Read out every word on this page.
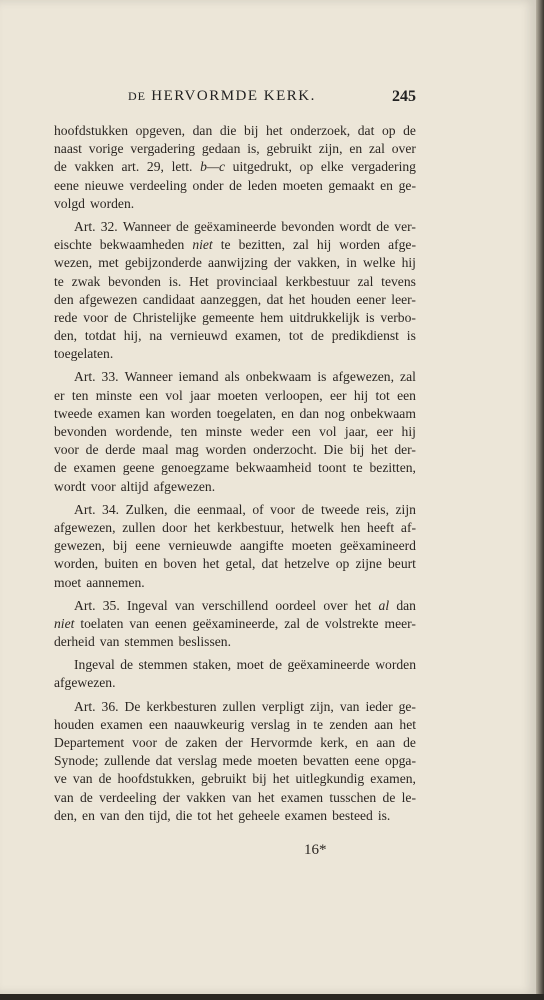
DE HERVORMDE KERK.	245
hoofdstukken opgeven, dan die bij het onderzoek, dat op de
naast vorige vergadering gedaan is, gebruikt zijn, en zal over
de vakken art. 29, lett. b—c uitgedrukt, op elke vergadering
eene nieuwe verdeeling onder de leden moeten gemaakt en ge-
volgd worden.
Art. 32. Wanneer de geëxamineerde bevonden wordt de ver-
eischte bekwaamheden niet te bezitten, zal hij worden afge-
wezen, met gebijzonderde aanwijzing der vakken, in welke hij
te zwak bevonden is. Het provinciaal kerkbestuur zal tevens
den afgewezen candidaat aanzeggen, dat het houden eener leer-
rede voor de Christelijke gemeente hem uitdrukkelijk is verbo-
den, totdat hij, na vernieuwd examen, tot de predikdienst is
toegelaten.
Art. 33. Wanneer iemand als onbekwaam is afgewezen, zal
er ten minste een vol jaar moeten verloopen, eer hij tot een
tweede examen kan worden toegelaten, en dan nog onbekwaam
bevonden wordende, ten minste weder een vol jaar, eer hij
voor de derde maal mag worden onderzocht. Die bij het der-
de examen geene genoegzame bekwaamheid toont te bezitten,
wordt voor altijd afgewezen.
Art. 34. Zulken, die eenmaal, of voor de tweede reis, zijn
afgewezen, zullen door het kerkbestuur, hetwelk hen heeft af-
gewezen, bij eene vernieuwde aangifte moeten geëxamineerd
worden, buiten en boven het getal, dat hetzelve op zijne beurt
moet aannemen.
Art. 35. Ingeval van verschillend oordeel over het al dan
niet toelaten van eenen geëxamineerde, zal de volstrekte meer-
derheid van stemmen beslissen.
Ingeval de stemmen staken, moet de geëxamineerde worden
afgewezen.
Art. 36. De kerkbesturen zullen verpligt zijn, van ieder ge-
houden examen een naauwkeurig verslag in te zenden aan het
Departement voor de zaken der Hervormde kerk, en aan de
Synode; zullende dat verslag mede moeten bevatten eene opga-
ve van de hoofdstukken, gebruikt bij het uitlegkundig examen,
van de verdeeling der vakken van het examen tusschen de le-
den, en van den tijd, die tot het geheele examen besteed is.
16*
